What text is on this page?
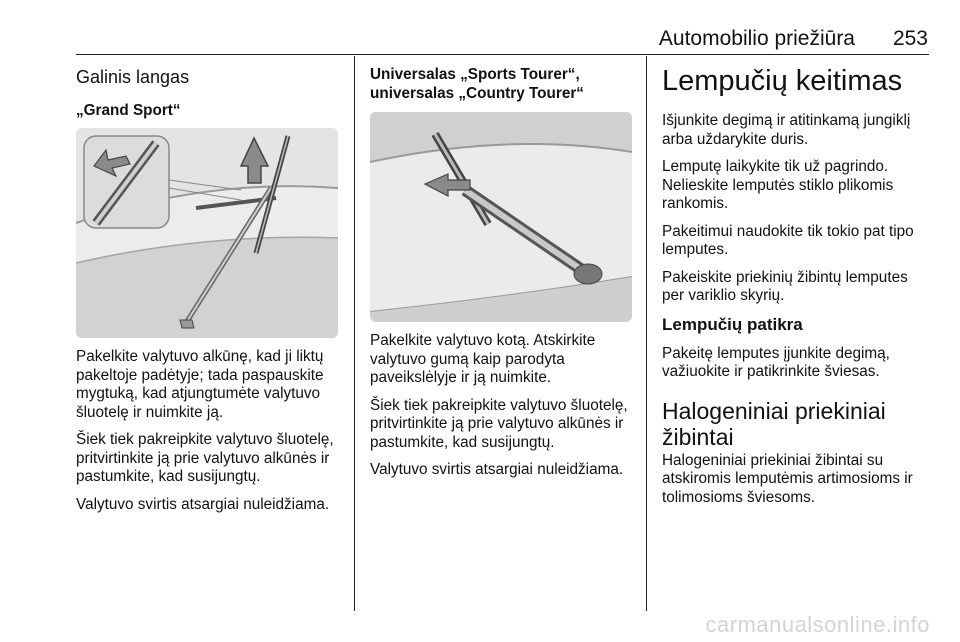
Automobilio priežiūra	253
Galinis langas
„Grand Sport“

Pakelkite valytuvo alkūnę, kad ji liktų pakeltoje padėtyje; tada paspauskite mygtuką, kad atjungtumėte valytuvo šluotelę ir nuimkite ją.

Šiek tiek pakreipkite valytuvo šluotelę, pritvirtinkite ją prie valytuvo alkūnės ir pastumkite, kad susijungtų.

Valytuvo svirtis atsargiai nuleidžiama.

Universalas „Sports Tourer“,
universalas „Country Tourer“

Pakelkite valytuvo kotą. Atskirkite valytuvo gumą kaip parodyta paveikslėlyje ir ją nuimkite.

Šiek tiek pakreipkite valytuvo šluotelę, pritvirtinkite ją prie valytuvo alkūnės ir pastumkite, kad susijungtų.

Valytuvo svirtis atsargiai nuleidžiama.

Lempučių keitimas

Išjunkite degimą ir atitinkamą jungiklį arba uždarykite duris.

Lemputę laikykite tik už pagrindo. Nelieskite lemputės stiklo plikomis rankomis.

Pakeitimui naudokite tik tokio pat tipo lemputes.

Pakeiskite priekinių žibintų lemputes per variklio skyrių.

Lempučių patikra

Pakeitę lemputes įjunkite degimą, važiuokite ir patikrinkite šviesas.

Halogeniniai priekiniai žibintai

Halogeniniai priekiniai žibintai su atskiromis lemputėmis artimosioms ir tolimosioms šviesoms.

carmanualsonline.info
